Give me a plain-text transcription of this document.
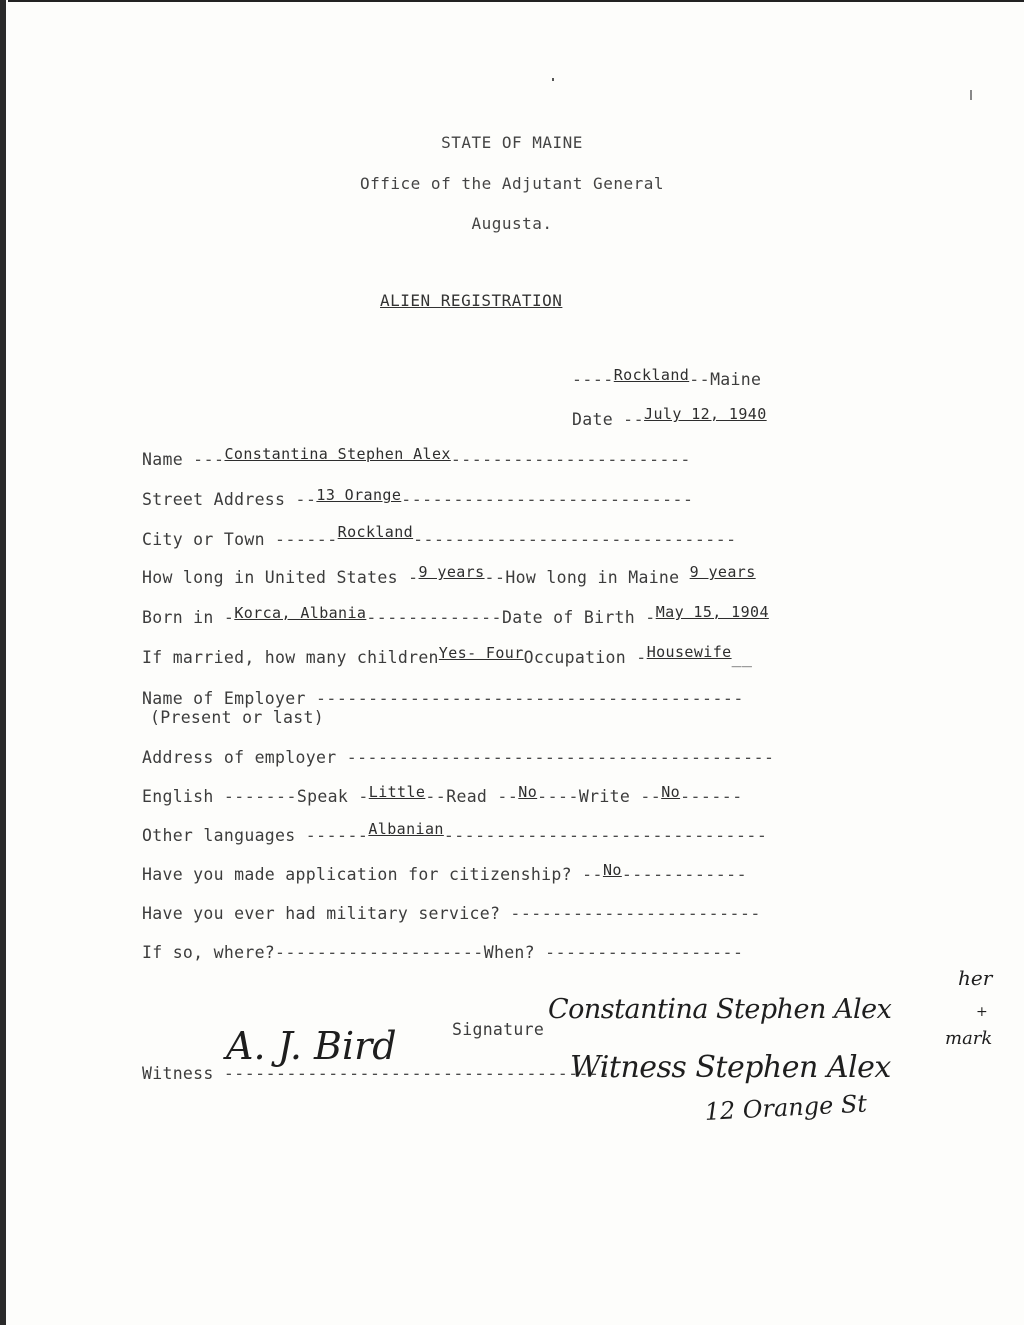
STATE OF MAINE
Office of the Adjutant General
Augusta.
ALIEN REGISTRATION
----Rockland--Maine
Date --July 12, 1940
Name ---Constantina Stephen Alex-----------------------
Street Address --13 Orange----------------------------
City or Town ------Rockland-------------------------------
How long in United States -9 years--How long in Maine 9 years
Born in -Korca, Albania-------------Date of Birth -May 15, 1904
If married, how many childrenYes- FourOccupation -Housewife__
Name of Employer -----------------------------------------
(Present or last)
Address of employer -----------------------------------------
English -------Speak -Little--Read --No----Write --No------
Other languages ------Albanian-------------------------------
Have you made application for citizenship? --No------------
Have you ever had military service? ------------------------
If so, where?--------------------When? -------------------
Signature
Constantina Stephen Alex
her
+
mark
Witness -------------------------------------
A. J. Bird	Witness Stephen Alex
12 Orange St
